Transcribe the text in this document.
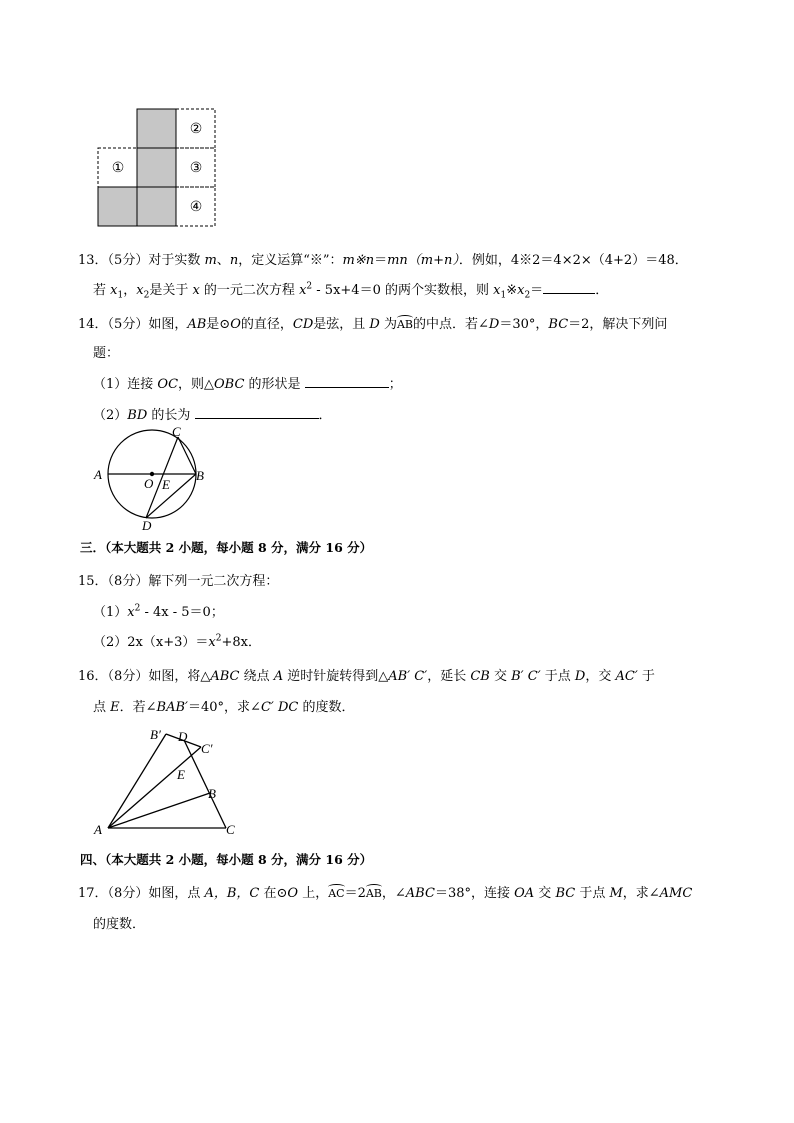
②
①	③
④
13．（5分）对于实数 m、n，定义运算“※”：m※n＝mn（m+n）．例如，4※2＝4×2×（4+2）＝48．
若 $x_1$，$x_2$是关于 x 的一元二次方程 $x^2 - 5x+4=0$ 的两个实数根，则 $x_1※x_2=$	．
14．（5分）如图，AB是⊙O的直径，CD是弦，且 D 为AB的中点．若∠D＝30°，BC＝2，解决下列问
题：
（1）连接 OC，则△OBC 的形状是	；
（2）BD 的长为	．
C
A	B
O E
D
三．（本大题共 2 小题，每小题 8 分，满分 16 分）
15．（8分）解下列一元二次方程：
$(1)x^2 - 4x - 5=0$；
$(2)2x(x+3)=x^2+8x$．
16．（8分）如图，将△ABC 绕点 A 逆时针旋转得到△AB′ C′，延长 CB 交 B′ C′ 于点 D，交 AC′ 于
点 E．若∠BAB′＝40°，求∠C′ DC 的度数．
B′ D
C′
E
B
A	C
四、（本大题共 2 小题，每小题 8 分，满分 16 分）
17．（8分）如图，点 A，B，C 在⊙O 上，AC＝2AB，∠ABC＝38°，连接 OA 交 BC 于点 M，求∠AMC
的度数．
